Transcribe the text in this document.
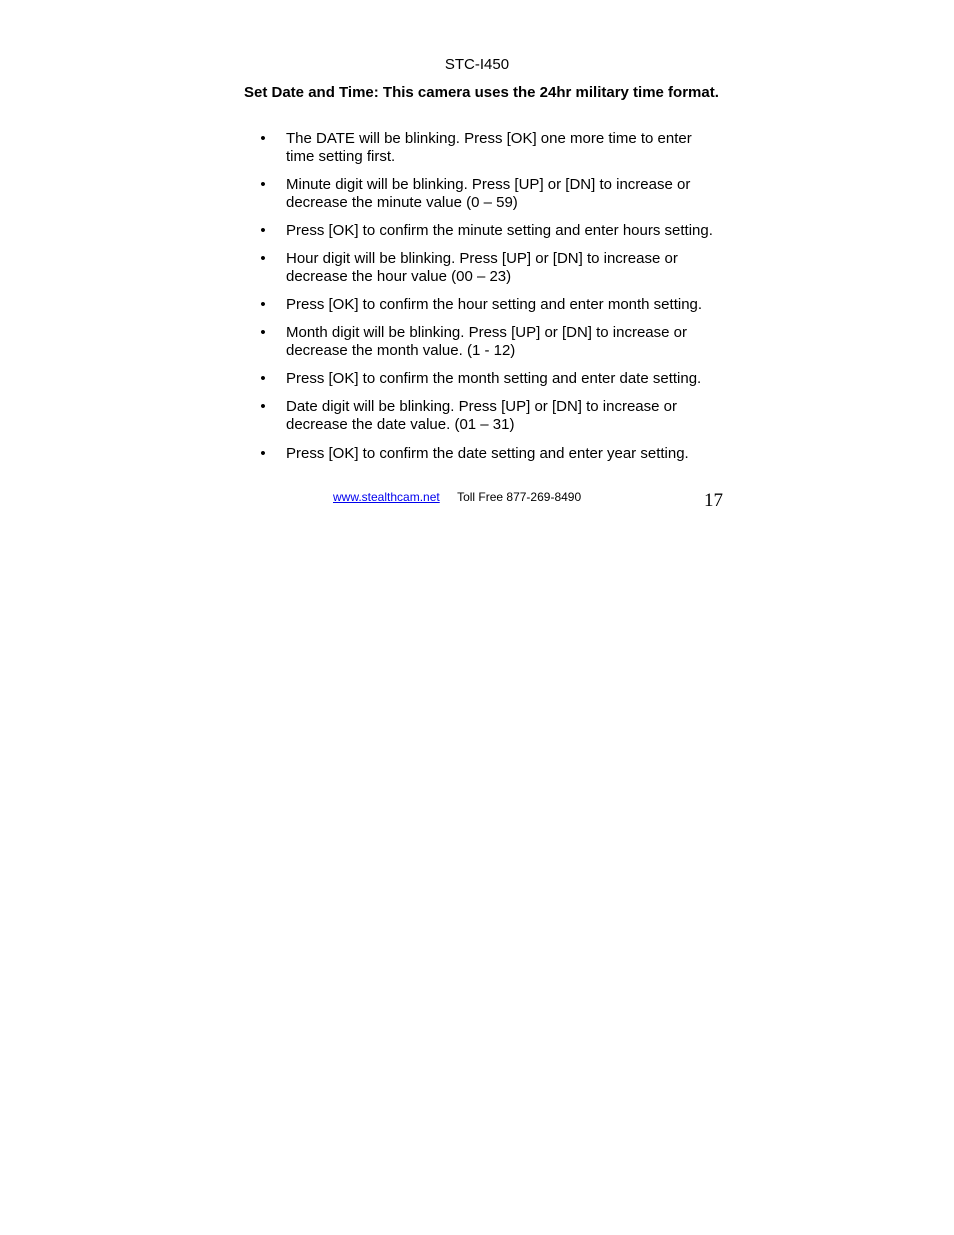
STC-I450
Set Date and Time: This camera uses the 24hr military time format.
• The DATE will be blinking. Press [OK] one more time to enter time setting first.
• Minute digit will be blinking. Press [UP] or [DN] to increase or decrease the minute value (0 – 59)
• Press [OK] to confirm the minute setting and enter hours setting.
• Hour digit will be blinking. Press [UP] or [DN] to increase or decrease the hour value (00 – 23)
• Press [OK] to confirm the hour setting and enter month setting.
• Month digit will be blinking. Press [UP] or [DN] to increase or decrease the month value. (1 - 12)
• Press [OK] to confirm the month setting and enter date setting.
• Date digit will be blinking. Press [UP] or [DN] to increase or decrease the date value. (01 – 31)
• Press [OK] to confirm the date setting and enter year setting.
www.stealthcam.net Toll Free 877-269-8490	17
